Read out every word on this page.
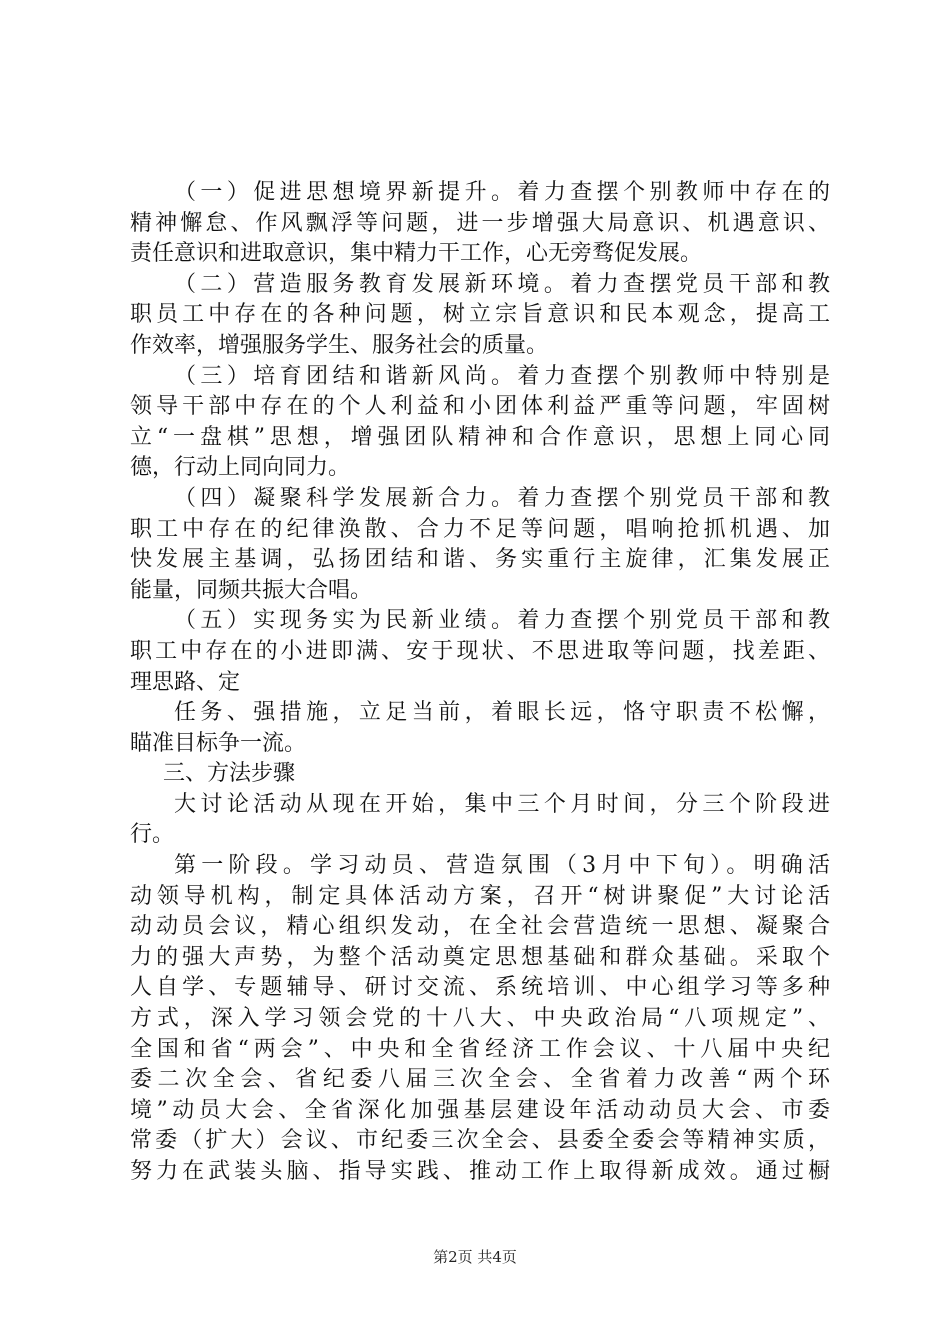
（一）促进思想境界新提升。着力查摆个别教师中存在的
精神懈怠、作风飘浮等问题，进一步增强大局意识、机遇意识、
责任意识和进取意识，集中精力干工作，心无旁骛促发展。
（二）营造服务教育发展新环境。着力查摆党员干部和教
职员工中存在的各种问题，树立宗旨意识和民本观念，提高工
作效率，增强服务学生、服务社会的质量。
（三）培育团结和谐新风尚。着力查摆个别教师中特别是
领导干部中存在的个人利益和小团体利益严重等问题，牢固树
立“一盘棋”思想，增强团队精神和合作意识，思想上同心同
德，行动上同向同力。
（四）凝聚科学发展新合力。着力查摆个别党员干部和教
职工中存在的纪律涣散、合力不足等问题，唱响抢抓机遇、加
快发展主基调，弘扬团结和谐、务实重行主旋律，汇集发展正
能量，同频共振大合唱。
（五）实现务实为民新业绩。着力查摆个别党员干部和教
职工中存在的小进即满、安于现状、不思进取等问题，找差距、
理思路、定
任务、强措施，立足当前，着眼长远，恪守职责不松懈，
瞄准目标争一流。
三、方法步骤
大讨论活动从现在开始，集中三个月时间，分三个阶段进
行。
第一阶段。学习动员、营造氛围（3月中下旬）。明确活
动领导机构，制定具体活动方案，召开“树讲聚促”大讨论活
动动员会议，精心组织发动，在全社会营造统一思想、凝聚合
力的强大声势，为整个活动奠定思想基础和群众基础。采取个
人自学、专题辅导、研讨交流、系统培训、中心组学习等多种
方式，深入学习领会党的十八大、中央政治局“八项规定”、
全国和省“两会”、中央和全省经济工作会议、十八届中央纪
委二次全会、省纪委八届三次全会、全省着力改善“两个环
境”动员大会、全省深化加强基层建设年活动动员大会、市委
常委（扩大）会议、市纪委三次全会、县委全委会等精神实质，
努力在武装头脑、指导实践、推动工作上取得新成效。通过橱
第2页 共4页
